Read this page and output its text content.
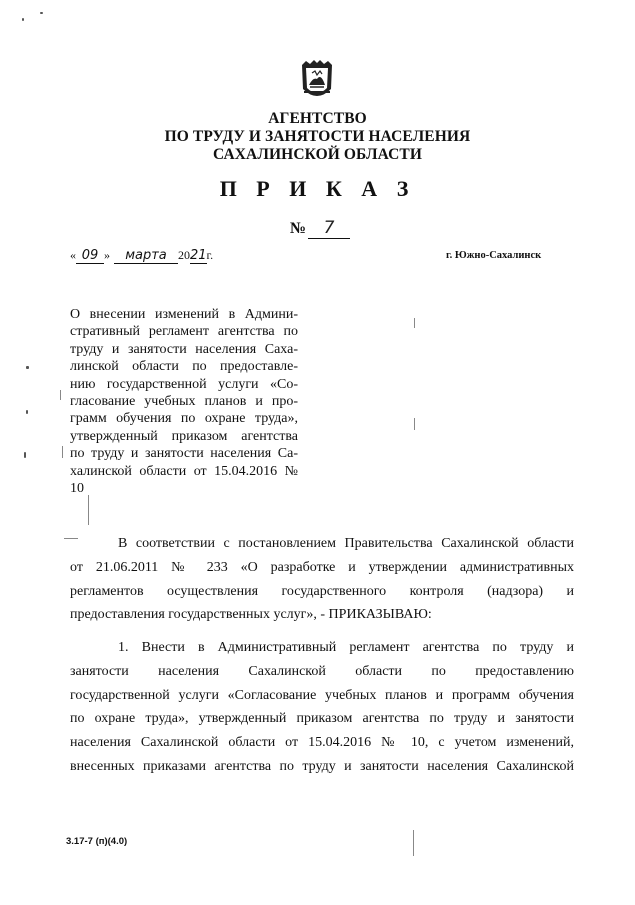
АГЕНТСТВО
ПО ТРУДУ И ЗАНЯТОСТИ НАСЕЛЕНИЯ
САХАЛИНСКОЙ ОБЛАСТИ
П Р И К А З
№ 7
« 09 » марта 2021г.	г. Южно-Сахалинск
О внесении изменений в Админи-
стративный регламент агентства по
труду и занятости населения Саха-
линской области по предоставле-
нию государственной услуги «Со-
гласование учебных планов и про-
грамм обучения по охране труда»,
утвержденный приказом агентства
по труду и занятости населения Са-
халинской области от 15.04.2016 №
10
В соответствии с постановлением Правительства Сахалинской области
от 21.06.2011 № 233 «О разработке и утверждении административных
регламентов осуществления государственного контроля (надзора) и
предоставления государственных услуг», - ПРИКАЗЫВАЮ:
1. Внести в Административный регламент агентства по труду и
занятости населения Сахалинской области по предоставлению
государственной услуги «Согласование учебных планов и программ обучения
по охране труда», утвержденный приказом агентства по труду и занятости
населения Сахалинской области от 15.04.2016 № 10, с учетом изменений,
внесенных приказами агентства по труду и занятости населения Сахалинской
3.17-7 (п)(4.0)
